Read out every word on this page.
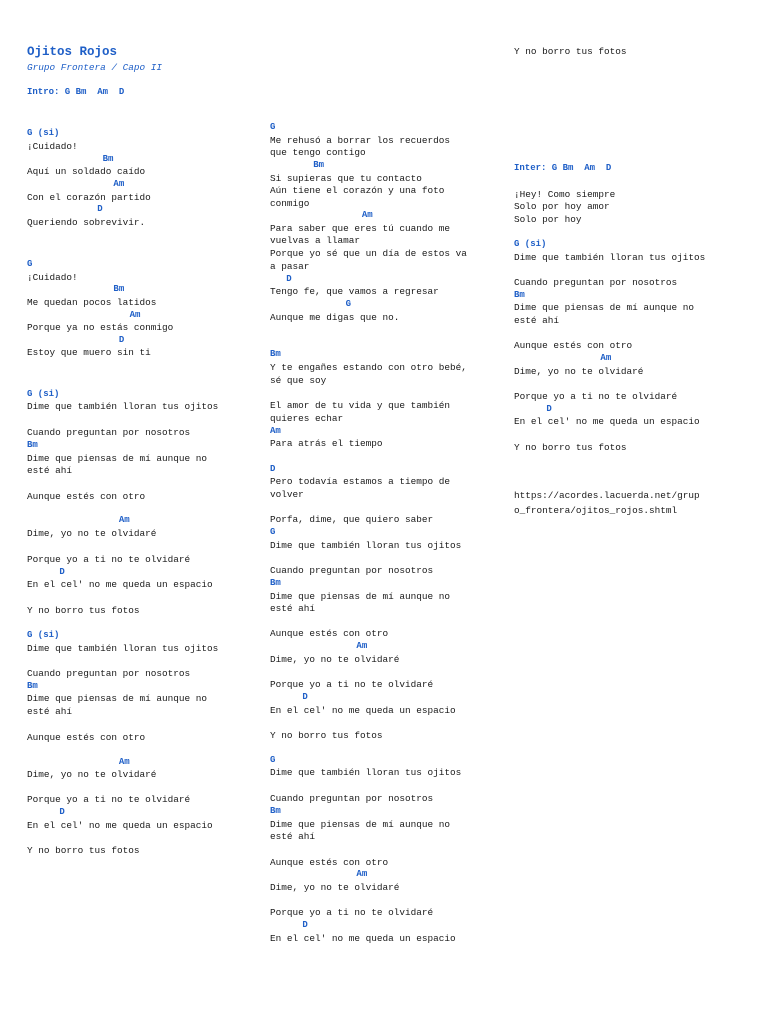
Ojitos Rojos
Grupo Frontera / Capo II
Intro: G Bm  Am  D
G (si)
¡Cuidado!
Bm
Aquí un soldado caído
Am
Con el corazón partido
D
Queriendo sobrevivir.
G
¡Cuidado!
Bm
Me quedan pocos latidos
Am
Porque ya no estás conmigo
D
Estoy que muero sin ti
G (si)
Dime que también lloran tus ojitos
Cuando preguntan por nosotros
Bm
Dime que piensas de mí aunque no
esté ahí
Aunque estés con otro
Am
Dime, yo no te olvidaré
Porque yo a ti no te olvidaré
D
En el cel' no me queda un espacio
Y no borro tus fotos
G (si)
Dime que también lloran tus ojitos
Cuando preguntan por nosotros
Bm
Dime que piensas de mí aunque no
esté ahí
Aunque estés con otro
Am
Dime, yo no te olvidaré
Porque yo a ti no te olvidaré
D
En el cel' no me queda un espacio
Y no borro tus fotos
G
Me rehusó a borrar los recuerdos
que tengo contigo
Bm
Si supieras que tu contacto
Aún tiene el corazón y una foto
conmigo
Am
Para saber que eres tú cuando me
vuelvas a llamar
Porque yo sé que un día de estos va
a pasar
D
Tengo fe, que vamos a regresar
G
Aunque me digas que no.
Bm
Y te engañes estando con otro bebé,
sé que soy
El amor de tu vida y que también
quieres echar
Am
Para atrás el tiempo
D
Pero todavía estamos a tiempo de
volver
Porfa, dime, que quiero saber
G
Dime que también lloran tus ojitos
Cuando preguntan por nosotros
Bm
Dime que piensas de mí aunque no
esté ahí
Aunque estés con otro
Am
Dime, yo no te olvidaré
Porque yo a ti no te olvidaré
D
En el cel' no me queda un espacio
Y no borro tus fotos
G
Dime que también lloran tus ojitos
Cuando preguntan por nosotros
Bm
Dime que piensas de mí aunque no
esté ahí
Aunque estés con otro
Am
Dime, yo no te olvidaré
Porque yo a ti no te olvidaré
D
En el cel' no me queda un espacio
Y no borro tus fotos
Inter: G Bm  Am  D
¡Hey! Como siempre
Solo por hoy amor
Solo por hoy
G (si)
Dime que también lloran tus ojitos
Cuando preguntan por nosotros
Bm
Dime que piensas de mí aunque no
esté ahí
Aunque estés con otro
Am
Dime, yo no te olvidaré
Porque yo a ti no te olvidaré
D
En el cel' no me queda un espacio
Y no borro tus fotos
https://acordes.lacuerda.net/grup
o_frontera/ojitos_rojos.shtml
